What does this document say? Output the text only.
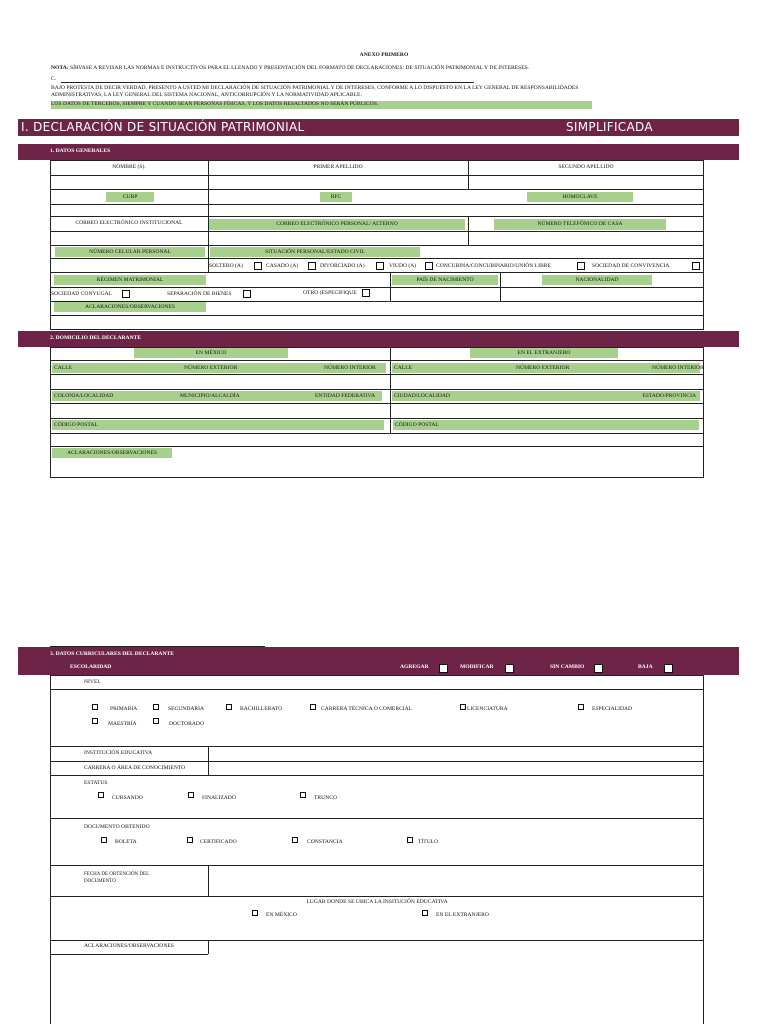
ANEXO PRIMERO
NOTA: SÍRVASE A REVISAR LAS NORMAS E INSTRUCTIVOS PARA EL LLENADO Y PRESENTACIÓN DEL FORMATO DE DECLARACIONES: DE SITUACIÓN PATRIMONIAL Y DE INTERESES.
C.
BAJO PROTESTA DE DECIR VERDAD, PRESENTO A USTED MI DECLARACIÓN DE SITUACIÓN PATRIMONIAL Y DE INTERESES, CONFORME A LO DISPUESTO EN LA LEY GENERAL DE RESPONSABILIDADES
ADMINISTRATIVAS, LA LEY GENERAL DEL SISTEMA NACIONAL, ANTICORRUPCIÓN Y LA NORMATIVIDAD APLICABLE.
LOS DATOS DE TERCEROS, SIEMPRE Y CUANDO SEAN PERSONAS FÍSICAS, Y LOS DATOS RESALTADOS NO SERÁN PÚBLICOS.
I. DECLARACIÓN DE SITUACIÓN PATRIMONIAL	SIMPLIFICADA
1. DATOS GENERALES
NOMBRE (S).	PRIMER APELLIDO	SEGUNDO APELLIDO
CURP	RFC	HOMOCLAVE
CORREO ELECTRÓNICO INSTITUCIONAL	CORREO ELECTRÓNICO PERSONAL/ ALTERNO	NÚMERO TELEFÓNICO DE CASA
NÚMERO CELULAR PERSONAL	SITUACIÓN PERSONAL/ESTADO CIVIL
SOLTERO (A)	CASADO (A)	DIVORCIADO (A)	VIUDO (A)	CONCUBINA/CONCUBINARIO/UNIÓN LIBRE	SOCIEDAD DE CONVIVENCIA
RÉGIMEN MATRIMONIAL	PAÍS DE NACIMIENTO	NACIONALIDAD
SOCIEDAD CONYUGAL	SEPARACIÓN DE BIENES	OTRO (ESPECIFIQUE
ACLARACIONES/OBSERVACIONES
2. DOMICILIO DEL DECLARANTE
EN MÉXICO	EN EL EXTRANJERO
CALLE	NÚMERO EXTERIOR	NÚMERO INTERIOR	CALLE	NÚMERO EXTERIOR	NÚMERO INTERIOR
COLONIA/LOCALIDAD	MUNICIPIO/ALCALDÍA	ENTIDAD FEDERATIVA	CIUDAD/LOCALIDAD	ESTADO/PROVINCIA
CÓDIGO POSTAL	CÓDIGO POSTAL
ACLARACIONES/OBSERVACIONES
3. DATOS CURRICULARES DEL DECLARANTE
ESCOLARIDAD	AGREGAR	MODIFICAR	SIN CAMBIO	BAJA
NIVEL
PRIMARIA	SECUNDARIA	BACHILLERATO	CARRERA TÉCNICA O COMERCIAL	LICENCIATURA	ESPECIALIDAD
MAESTRÍA	DOCTORADO
INSTITUCIÓN EDUCATIVA
CARRERA O ÁREA DE CONOCIMIENTO
ESTATUS
CURSANDO	FINALIZADO	TRUNCO
DOCUMENTO OBTENIDO
BOLETA	CERTIFICADO	CONSTANCIA	TÍTULO
FECHA DE OBTENCIÓN DEL
DOCUMENTO
LUGAR DONDE SE UBICA LA INSITUCIÓN EDUCATIVA
EN MÉXICO	EN EL EXTRANJERO
ACLARACIONES/OBSERVACIONES
